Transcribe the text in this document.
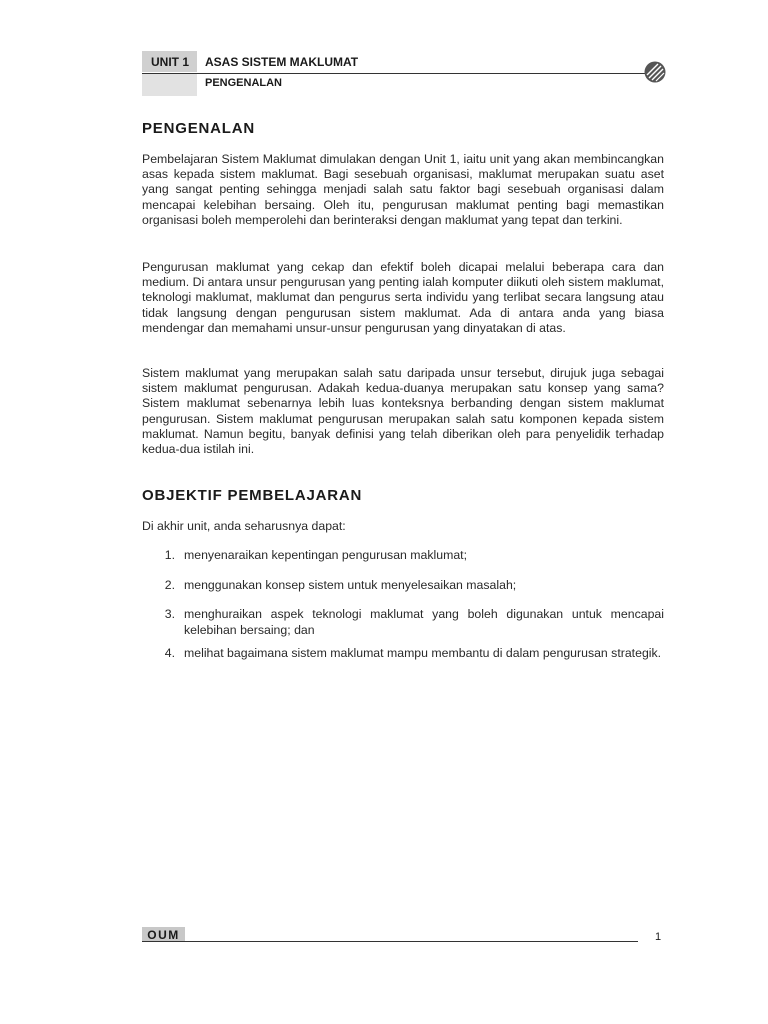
UNIT 1	ASAS SISTEM MAKLUMAT
PENGENALAN
PENGENALAN

Pembelajaran Sistem Maklumat dimulakan dengan Unit 1, iaitu unit yang akan membincangkan asas kepada sistem maklumat. Bagi sesebuah organisasi, maklumat merupakan suatu aset yang sangat penting sehingga menjadi salah satu faktor bagi sesebuah organisasi dalam mencapai kelebihan bersaing. Oleh itu, pengurusan maklumat penting bagi memastikan organisasi boleh memperolehi dan berinteraksi dengan maklumat yang tepat dan terkini.

Pengurusan maklumat yang cekap dan efektif boleh dicapai melalui beberapa cara dan medium. Di antara unsur pengurusan yang penting ialah komputer diikuti oleh sistem maklumat, teknologi maklumat, maklumat dan pengurus serta individu yang terlibat secara langsung atau tidak langsung dengan pengurusan sistem maklumat. Ada di antara anda yang biasa mendengar dan memahami unsur-unsur pengurusan yang dinyatakan di atas.

Sistem maklumat yang merupakan salah satu daripada unsur tersebut, dirujuk juga sebagai sistem maklumat pengurusan. Adakah kedua-duanya merupakan satu konsep yang sama? Sistem maklumat sebenarnya lebih luas konteksnya berbanding dengan sistem maklumat pengurusan. Sistem maklumat pengurusan merupakan salah satu komponen kepada sistem maklumat. Namun begitu, banyak definisi yang telah diberikan oleh para penyelidik terhadap kedua-dua istilah ini.

OBJEKTIF PEMBELAJARAN

Di akhir unit, anda seharusnya dapat:

1. menyenaraikan kepentingan pengurusan maklumat;
2. menggunakan konsep sistem untuk menyelesaikan masalah;
3. menghuraikan aspek teknologi maklumat yang boleh digunakan untuk mencapai kelebihan bersaing; dan
4. melihat bagaimana sistem maklumat mampu membantu di dalam pengurusan strategik.
OUM	1
